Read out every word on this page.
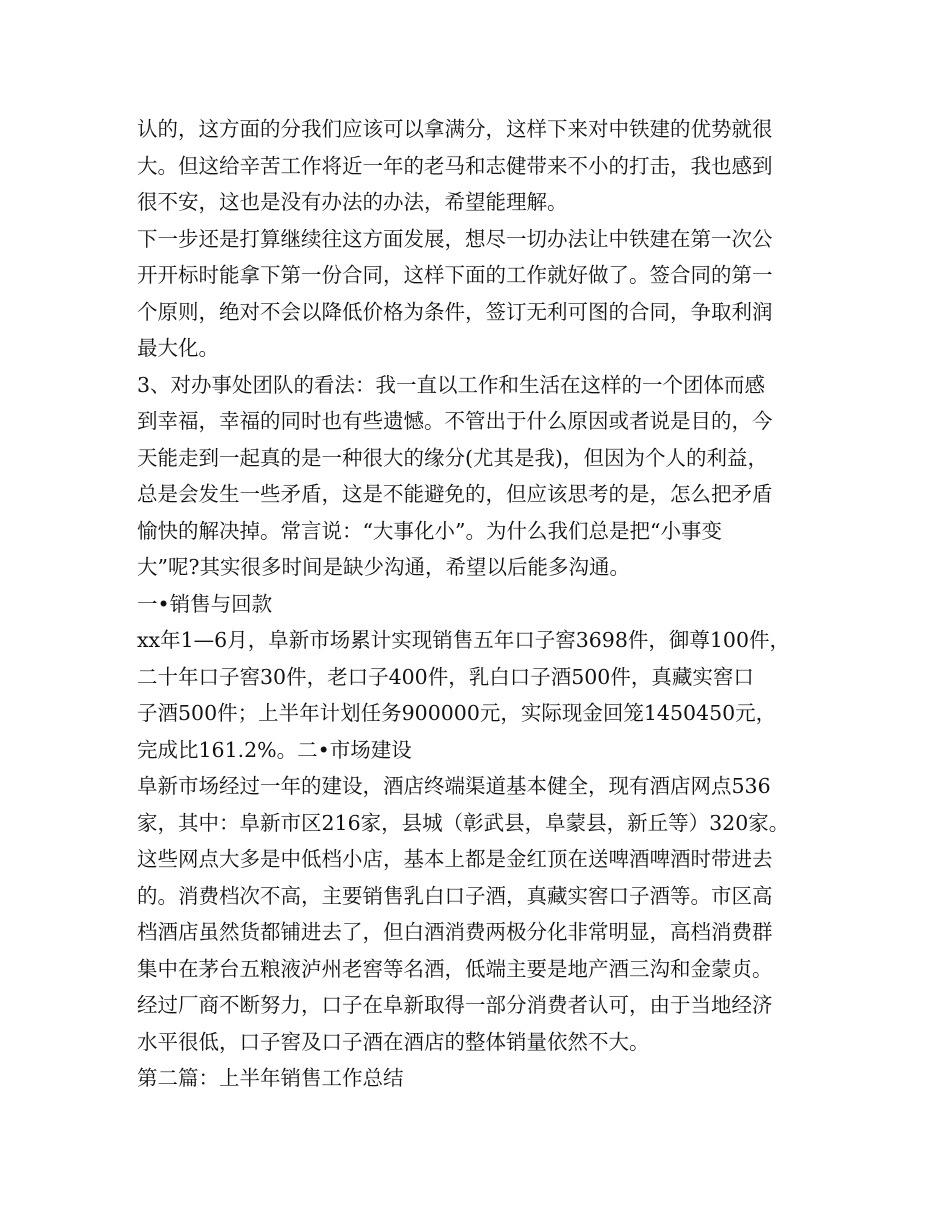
认的，这方面的分我们应该可以拿满分，这样下来对中铁建的优势就很
大。但这给辛苦工作将近一年的老马和志健带来不小的打击，我也感到
很不安，这也是没有办法的办法，希望能理解。
下一步还是打算继续往这方面发展，想尽一切办法让中铁建在第一次公
开开标时能拿下第一份合同，这样下面的工作就好做了。签合同的第一
个原则，绝对不会以降低价格为条件，签订无利可图的合同，争取利润
最大化。
3、对办事处团队的看法：我一直以工作和生活在这样的一个团体而感
到幸福，幸福的同时也有些遗憾。不管出于什么原因或者说是目的，今
天能走到一起真的是一种很大的缘分(尤其是我)，但因为个人的利益，
总是会发生一些矛盾，这是不能避免的，但应该思考的是，怎么把矛盾
愉快的解决掉。常言说：“大事化小”。为什么我们总是把“小事变
大”呢?其实很多时间是缺少沟通，希望以后能多沟通。
一•销售与回款
xx年1—6月，阜新市场累计实现销售五年口子窖3698件，御尊100件，
二十年口子窖30件，老口子400件，乳白口子酒500件，真藏实窖口
子酒500件；上半年计划任务900000元，实际现金回笼1450450元，
完成比161.2%。二•市场建设
阜新市场经过一年的建设，酒店终端渠道基本健全，现有酒店网点536
家，其中：阜新市区216家，县城（彰武县，阜蒙县，新丘等）320家。
这些网点大多是中低档小店，基本上都是金红顶在送啤酒啤酒时带进去
的。消费档次不高，主要销售乳白口子酒，真藏实窖口子酒等。市区高
档酒店虽然货都铺进去了，但白酒消费两极分化非常明显，高档消费群
集中在茅台五粮液泸州老窖等名酒，低端主要是地产酒三沟和金蒙贞。
经过厂商不断努力，口子在阜新取得一部分消费者认可，由于当地经济
水平很低，口子窖及口子酒在酒店的整体销量依然不大。
第二篇：上半年销售工作总结
